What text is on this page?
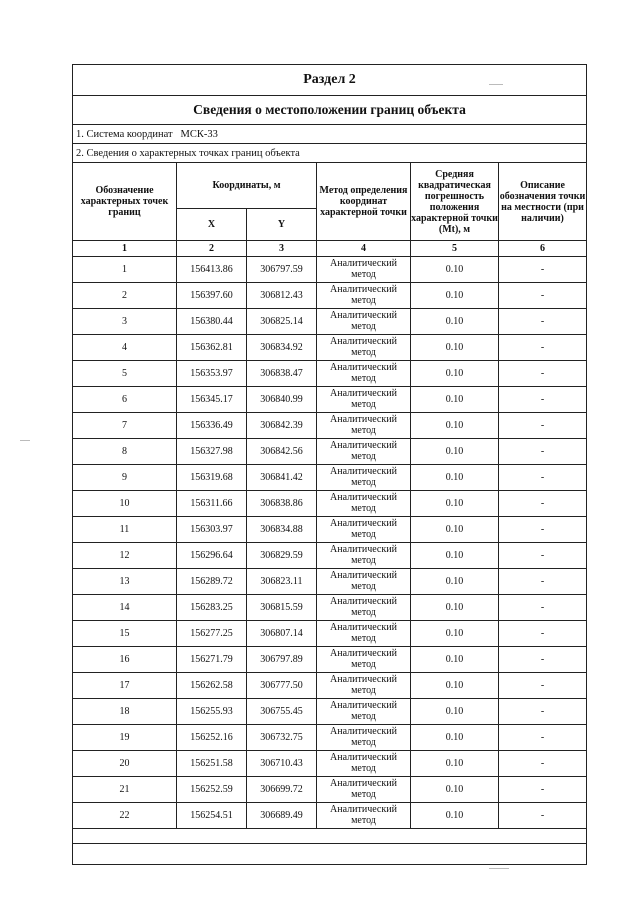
Раздел 2					
Сведения о местоположении границ объекта					
1. Система координат МСК-33					
2. Сведения о характерных точках границ объекта					
Обозначение характерных точек границ	Координаты, м		Метод определения координат характерной точки	Средняя квадратическая погрешность положения характерной точки (Mt), м	Описание обозначения точки на местности (при наличии)
	X	Y			
1	2	3	4	5	6
1	156413.86	306797.59	Аналитический метод	0.10	-
2	156397.60	306812.43	Аналитический метод	0.10	-
3	156380.44	306825.14	Аналитический метод	0.10	-
4	156362.81	306834.92	Аналитический метод	0.10	-
5	156353.97	306838.47	Аналитический метод	0.10	-
6	156345.17	306840.99	Аналитический метод	0.10	-
7	156336.49	306842.39	Аналитический метод	0.10	-
8	156327.98	306842.56	Аналитический метод	0.10	-
9	156319.68	306841.42	Аналитический метод	0.10	-
10	156311.66	306838.86	Аналитический метод	0.10	-
11	156303.97	306834.88	Аналитический метод	0.10	-
12	156296.64	306829.59	Аналитический метод	0.10	-
13	156289.72	306823.11	Аналитический метод	0.10	-
14	156283.25	306815.59	Аналитический метод	0.10	-
15	156277.25	306807.14	Аналитический метод	0.10	-
16	156271.79	306797.89	Аналитический метод	0.10	-
17	156262.58	306777.50	Аналитический метод	0.10	-
18	156255.93	306755.45	Аналитический метод	0.10	-
19	156252.16	306732.75	Аналитический метод	0.10	-
20	156251.58	306710.43	Аналитический метод	0.10	-
21	156252.59	306699.72	Аналитический метод	0.10	-
22	156254.51	306689.49	Аналитический метод	0.10	-
